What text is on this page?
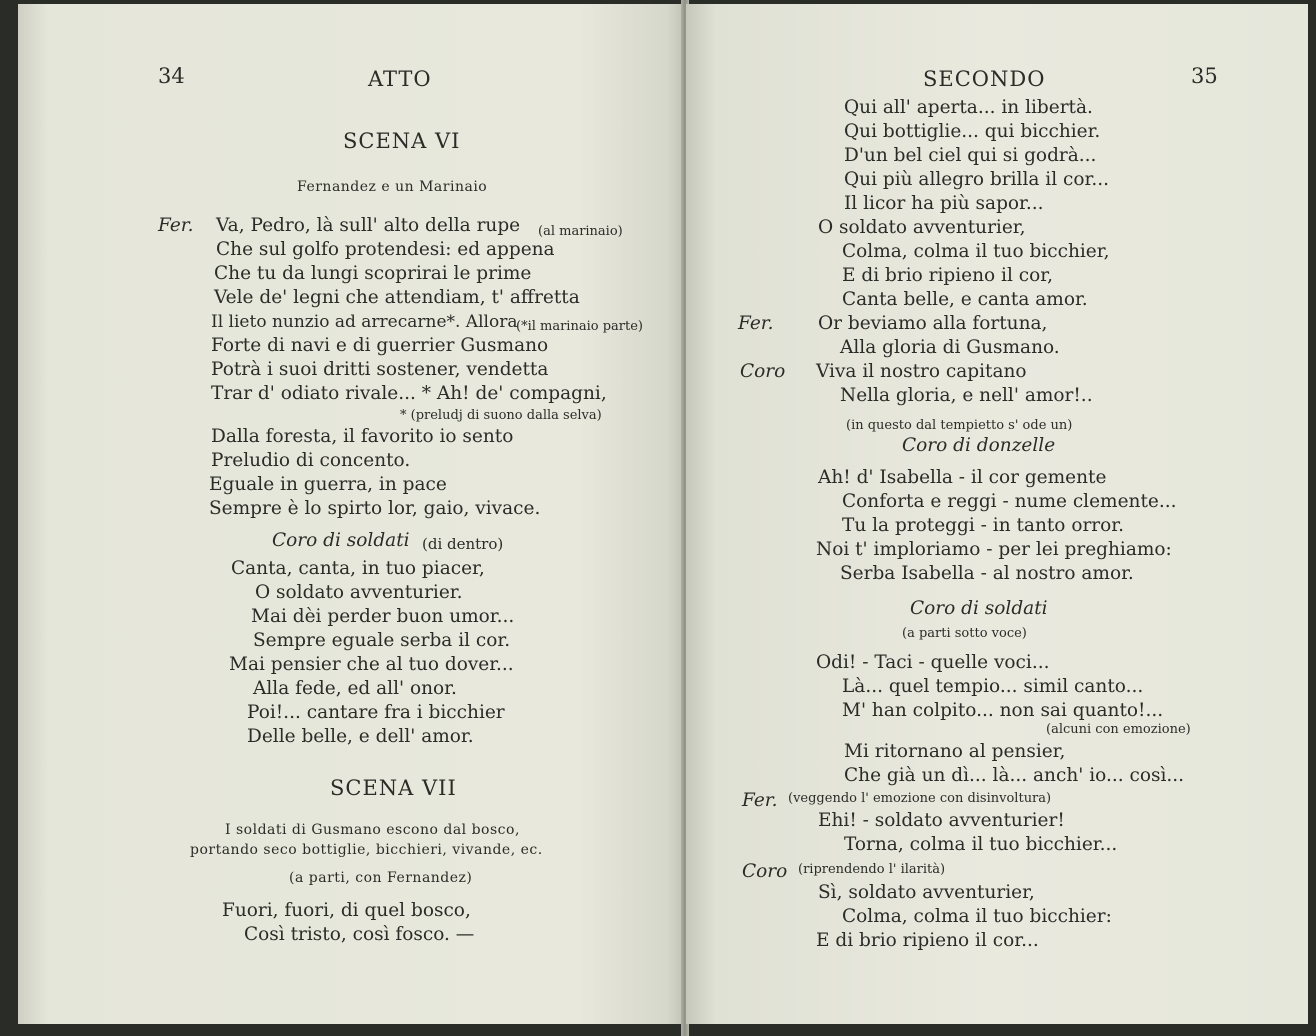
34	ATTO
SCENA VI
Fernandez e un Marinaio
Fer. Va, Pedro, là sull' alto della rupe (al marinaio)
Che sul golfo protendesi: ed appena
Che tu da lungi scoprirai le prime
Vele de' legni che attendiam, t' affretta
Il lieto nunzio ad arrecarne*. Allora
(*il marinaio parte)
Forte di navi e di guerrier Gusmano
Potrà i suoi dritti sostener, vendetta
Trar d' odiato rivale... * Ah! de' compagni,
* (preludj di suono dalla selva)
Dalla foresta, il favorito io sento
Preludio di concento.
Eguale in guerra, in pace
Sempre è lo spirto lor, gaio, vivace.
Coro di soldati (di dentro)
Canta, canta, in tuo piacer,
O soldato avventurier.
Mai dèi perder buon umor...
Sempre eguale serba il cor.
Mai pensier che al tuo dover...
Alla fede, ed all' onor.
Poi!... cantare fra i bicchier
Delle belle, e dell' amor.
SCENA VII
I soldati di Gusmano escono dal bosco,
portando seco bottiglie, bicchieri, vivande, ec.
(a parti, con Fernandez)
Fuori, fuori, di quel bosco,
Così tristo, così fosco. —
SECONDO	35
Qui all' aperta... in libertà.
Qui bottiglie... qui bicchier.
D'un bel ciel qui si godrà...
Qui più allegro brilla il cor...
Il licor ha più sapor...
O soldato avventurier,
Colma, colma il tuo bicchier,
E di brio ripieno il cor,
Canta belle, e canta amor.
Fer. Or beviamo alla fortuna,
Alla gloria di Gusmano.
Coro Viva il nostro capitano
Nella gloria, e nell' amor!..
(in questo dal tempietto s' ode un)
Coro di donzelle
Ah! d' Isabella - il cor gemente
Conforta e reggi - nume clemente...
Tu la proteggi - in tanto orror.
Noi t' imploriamo - per lei preghiamo:
Serba Isabella - al nostro amor.
Coro di soldati
(a parti sotto voce)
Odi! - Taci - quelle voci...
Là... quel tempio... simil canto...
M' han colpito... non sai quanto!...
(alcuni con emozione)
Mi ritornano al pensier,
Che già un dì... là... anch' io... così...
Fer. (veggendo l' emozione con disinvoltura)
Ehi! - soldato avventurier!
Torna, colma il tuo bicchier...
Coro (riprendendo l' ilarità)
Sì, soldato avventurier,
Colma, colma il tuo bicchier:
E di brio ripieno il cor...
